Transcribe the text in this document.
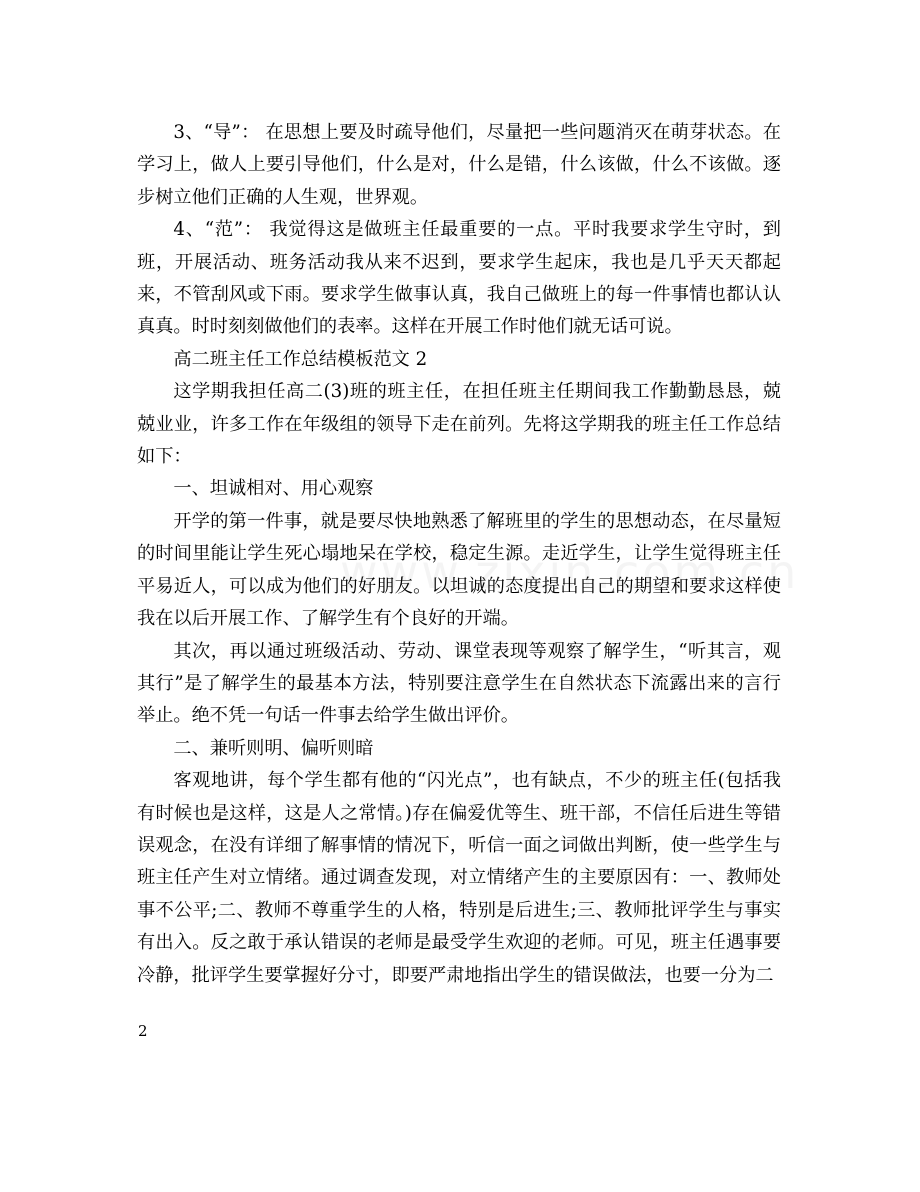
3、“导”： 在思想上要及时疏导他们，尽量把一些问题消灭在萌芽状态。在学习上，做人上要引导他们，什么是对，什么是错，什么该做，什么不该做。逐步树立他们正确的人生观，世界观。

4、“范”： 我觉得这是做班主任最重要的一点。平时我要求学生守时，到班，开展活动、班务活动我从来不迟到，要求学生起床，我也是几乎天天都起来，不管刮风或下雨。要求学生做事认真，我自己做班上的每一件事情也都认认真真。时时刻刻做他们的表率。这样在开展工作时他们就无话可说。

高二班主任工作总结模板范文 2

这学期我担任高二(3)班的班主任，在担任班主任期间我工作勤勤恳恳，兢兢业业，许多工作在年级组的领导下走在前列。先将这学期我的班主任工作总结如下：

一、坦诚相对、用心观察

开学的第一件事，就是要尽快地熟悉了解班里的学生的思想动态，在尽量短的时间里能让学生死心塌地呆在学校，稳定生源。走近学生，让学生觉得班主任平易近人，可以成为他们的好朋友。以坦诚的态度提出自己的期望和要求这样使我在以后开展工作、了解学生有个良好的开端。

其次，再以通过班级活动、劳动、课堂表现等观察了解学生，“听其言，观其行”是了解学生的最基本方法，特别要注意学生在自然状态下流露出来的言行举止。绝不凭一句话一件事去给学生做出评价。

二、兼听则明、偏听则暗

客观地讲，每个学生都有他的“闪光点”，也有缺点，不少的班主任(包括我有时候也是这样，这是人之常情。)存在偏爱优等生、班干部，不信任后进生等错误观念，在没有详细了解事情的情况下，听信一面之词做出判断，使一些学生与班主任产生对立情绪。通过调查发现，对立情绪产生的主要原因有：一、教师处事不公平;二、教师不尊重学生的人格，特别是后进生;三、教师批评学生与事实有出入。反之敢于承认错误的老师是最受学生欢迎的老师。可见，班主任遇事要冷静，批评学生要掌握好分寸，即要严肃地指出学生的错误做法，也要一分为二

2
